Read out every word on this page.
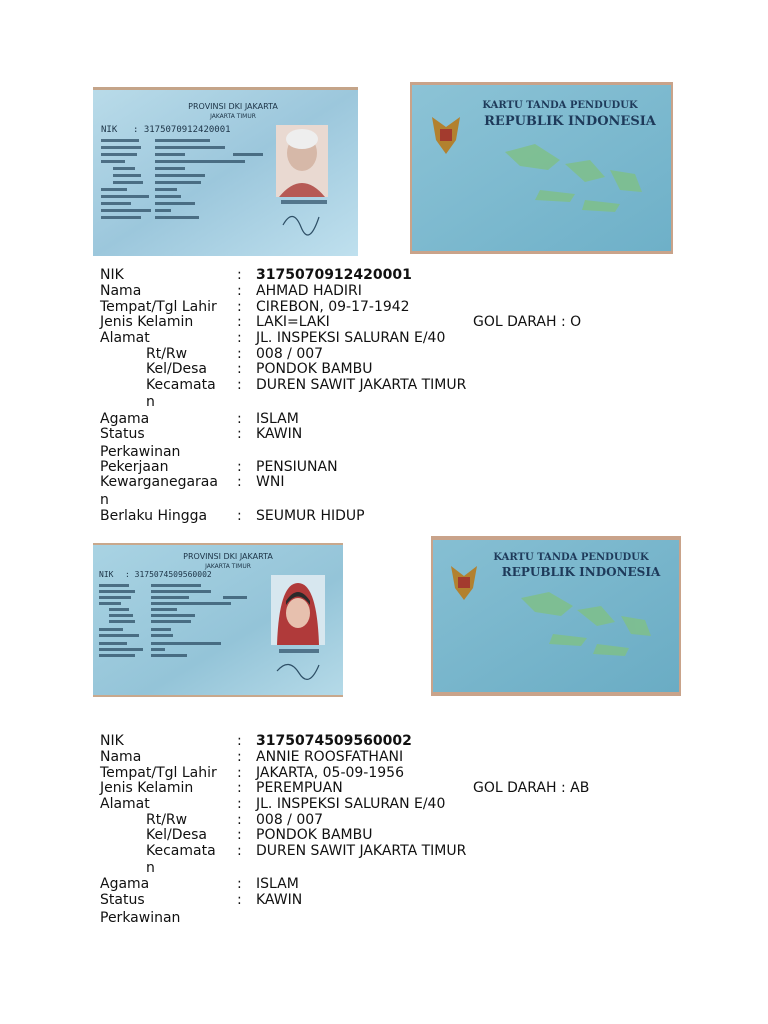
PROVINSI DKI JAKARTA
JAKARTA TIMUR
NIK : 3175070912420001
KARTU TANDA PENDUDUK
REPUBLIK INDONESIA
NIK	: 3175070912420001
Nama	: AHMAD HADIRI
Tempat/Tgl Lahir : CIREBON, 09-17-1942
Jenis Kelamin	: LAKI=LAKI	GOL DARAH : O
Alamat	: JL. INSPEKSI SALURAN E/40
Rt/Rw	: 008 / 007
Kel/Desa : PONDOK BAMBU
Kecamata : DUREN SAWIT JAKARTA TIMUR
n
Agama	: ISLAM
Status	: KAWIN
Perkawinan
Pekerjaan	: PENSIUNAN
Kewarganegaraa : WNI
n
Berlaku Hingga : SEUMUR HIDUP
PROVINSI DKI JAKARTA
JAKARTA TIMUR
NIK : 3175074509560002
KARTU TANDA PENDUDUK
REPUBLIK INDONESIA
NIK	: 3175074509560002
Nama	: ANNIE ROOSFATHANI
Tempat/Tgl Lahir : JAKARTA, 05-09-1956
Jenis Kelamin	: PEREMPUAN	GOL DARAH : AB
Alamat	: JL. INSPEKSI SALURAN E/40
Rt/Rw	: 008 / 007
Kel/Desa : PONDOK BAMBU
Kecamata : DUREN SAWIT JAKARTA TIMUR
n
Agama	: ISLAM
Status	: KAWIN
Perkawinan
